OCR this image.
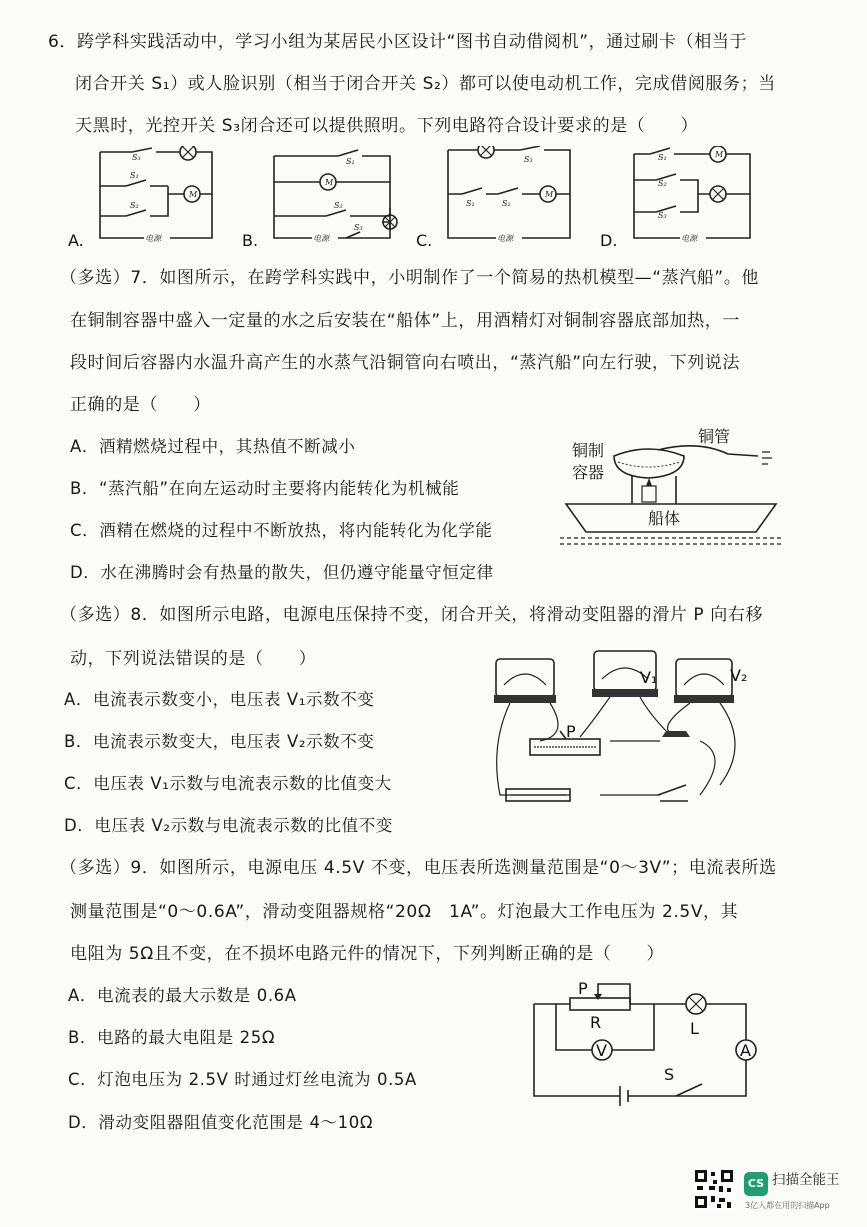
6．跨学科实践活动中，学习小组为某居民小区设计“图书自动借阅机”，通过刷卡（相当于
闭合开关 S₁）或人脸识别（相当于闭合开关 S₂）都可以使电动机工作，完成借阅服务；当
天黑时，光控开关 S₃闭合还可以提供照明。下列电路符合设计要求的是（　　）
A.
M
S₃
S₁
S₂
电源	B.
M
S₁
S₂
S₃
电源	C.
M
S₃
S₁	S₂
电源	D.
M
S₁
S₂
S₃
电源
（多选）7．如图所示，在跨学科实践中，小明制作了一个简易的热机模型—“蒸汽船”。他
在铜制容器中盛入一定量的水之后安装在“船体”上，用酒精灯对铜制容器底部加热，一
段时间后容器内水温升高产生的水蒸气沿铜管向右喷出，“蒸汽船”向左行驶，下列说法
正确的是（　　）
A．酒精燃烧过程中，其热值不断减小
B．“蒸汽船”在向左运动时主要将内能转化为机械能
C．酒精在燃烧的过程中不断放热，将内能转化为化学能
D．水在沸腾时会有热量的散失，但仍遵守能量守恒定律
铜制
容器
铜管
船体
（多选）8．如图所示电路，电源电压保持不变，闭合开关，将滑动变阻器的滑片 P 向右移
动，下列说法错误的是（　　）
A．电流表示数变小，电压表 V₁示数不变
B．电流表示数变大，电压表 V₂示数不变
C．电压表 V₁示数与电流表示数的比值变大
D．电压表 V₂示数与电流表示数的比值不变
V₁	V₂
P
（多选）9．如图所示，电源电压 4.5V 不变，电压表所选测量范围是“0～3V”；电流表所选
测量范围是“0～0.6A”，滑动变阻器规格“20Ω　1A”。灯泡最大工作电压为 2.5V，其
电阻为 5Ω且不变，在不损坏电路元件的情况下，下列判断正确的是（　　）
A．电流表的最大示数是 0.6A
B．电路的最大电阻是 25Ω
C．灯泡电压为 2.5V 时通过灯丝电流为 0.5A
D．滑动变阻器阻值变化范围是 4～10Ω
P
R	L
A
V
S
CS 扫描全能王
3亿人都在用的扫描App
